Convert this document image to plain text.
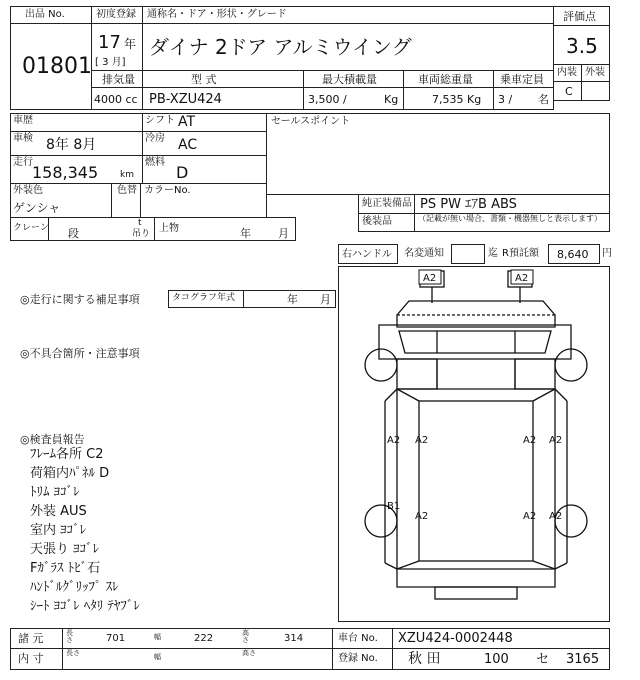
出品 No.
01801
初度登録
17 年
[ 3 月]
通称名・ドア・形状・グレード
ダイナ 2ドア アルミウイング
評価点
3.5
内装 外装
C
排気量	型 式	最大積載量	車両総重量 乗車定員
4000 cc PB-XZU424	3,500 /	Kg	7,535 Kg 3 / 名
車歴	シフト AT
車検 8年 8月	冷房 AC
走行
158,345 km
燃料
D
外装色
ゲンシャ
色替 カラーNo.
セールスポイント
純正装備品 PS PW ｴｱB ABS
後装品	（記載が無い場合、書類・機器無しと表示します）
クレーン 段
t
吊り 上物	年 月
右ハンドル 名変通知	迄 R預託額 8,640 円
◎走行に関する補足事項	タコグラフ年式	年 月
◎不具合箇所・注意事項
◎検査員報告
ﾌﾚｰﾑ各所 C2
荷箱内ﾊﾟﾈﾙ D
ﾄﾘﾑ ﾖｺﾞﾚ
外装 AUS
室内 ﾖｺﾞﾚ
天張り ﾖｺﾞﾚ
Fｶﾞﾗｽ ﾄﾋﾞ石
ﾊﾝﾄﾞﾙｸﾞﾘｯﾌﾟ ｽﾚ
ｼｰﾄ ﾖｺﾞﾚ ﾍﾀﾘ ﾃﾔﾌﾞﾚ
A2	A2
A2 A2	A2 A2
B1
A2	A2 A2
諸 元	長さ	701	幅	222	高さ	314
内 寸	長さ	幅	高さ
車台 No. XZU424-0002448
登録 No. 秋 田	100 セ 3165
